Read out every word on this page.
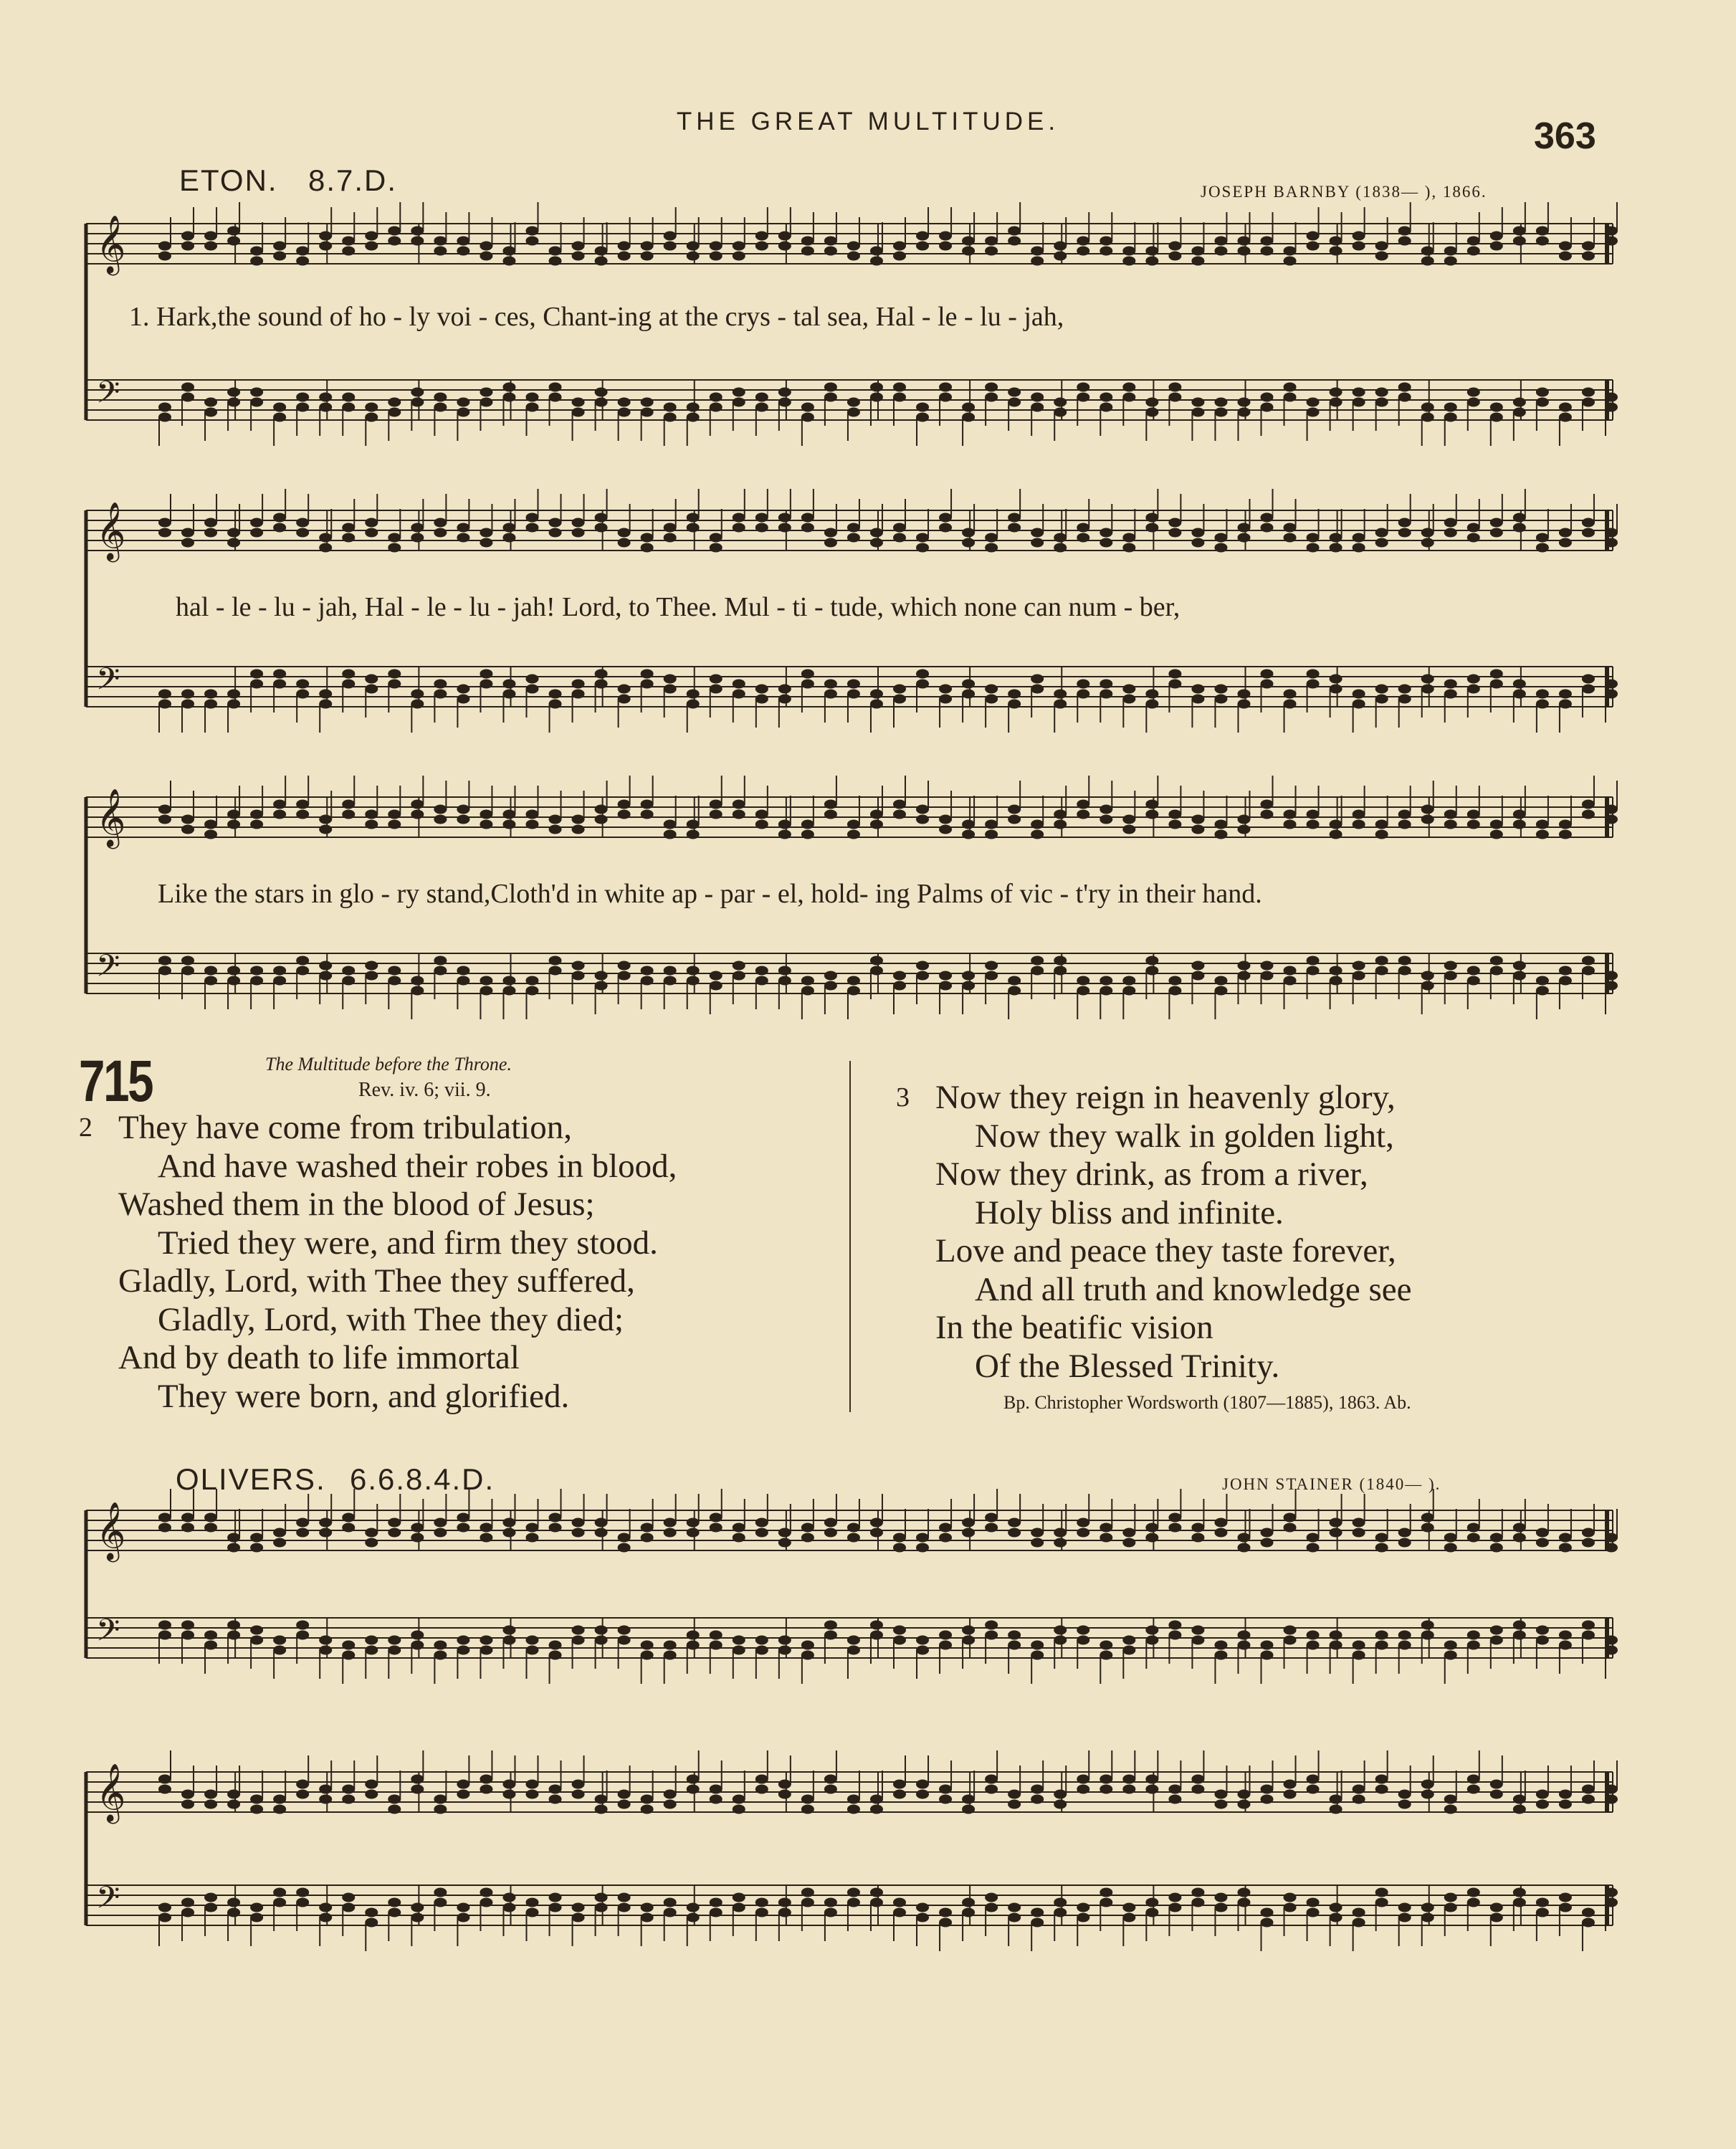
THE GREAT MULTITUDE.	363
ETON. 8.7.D.	JOSEPH BARNBY (1838— ), 1866.
𝄞
𝄢
1. Hark,the sound of ho - ly voi - ces, Chant-ing at the crys - tal sea, Hal - le - lu - jah,
𝄞
𝄢
hal - le - lu - jah, Hal - le - lu - jah! Lord, to Thee. Mul - ti - tude, which none can num - ber,
𝄞
𝄢
Like the stars in glo - ry stand,Cloth'd in white ap - par - el, hold- ing Palms of vic - t'ry in their hand.
715	The Multitude before the Throne.
Rev. iv. 6; vii. 9.
2 They have come from tribulation,
And have washed their robes in blood,
Washed them in the blood of Jesus;
Tried they were, and firm they stood.
Gladly, Lord, with Thee they suffered,
Gladly, Lord, with Thee they died;
And by death to life immortal
They were born, and glorified.
3 Now they reign in heavenly glory,
Now they walk in golden light,
Now they drink, as from a river,
Holy bliss and infinite.
Love and peace they taste forever,
And all truth and knowledge see
In the beatific vision
Of the Blessed Trinity.
Bp. Christopher Wordsworth (1807—1885), 1863. Ab.
OLIVERS. 6.6.8.4.D.	JOHN STAINER (1840— ).
𝄞
𝄢
𝄞
𝄢
